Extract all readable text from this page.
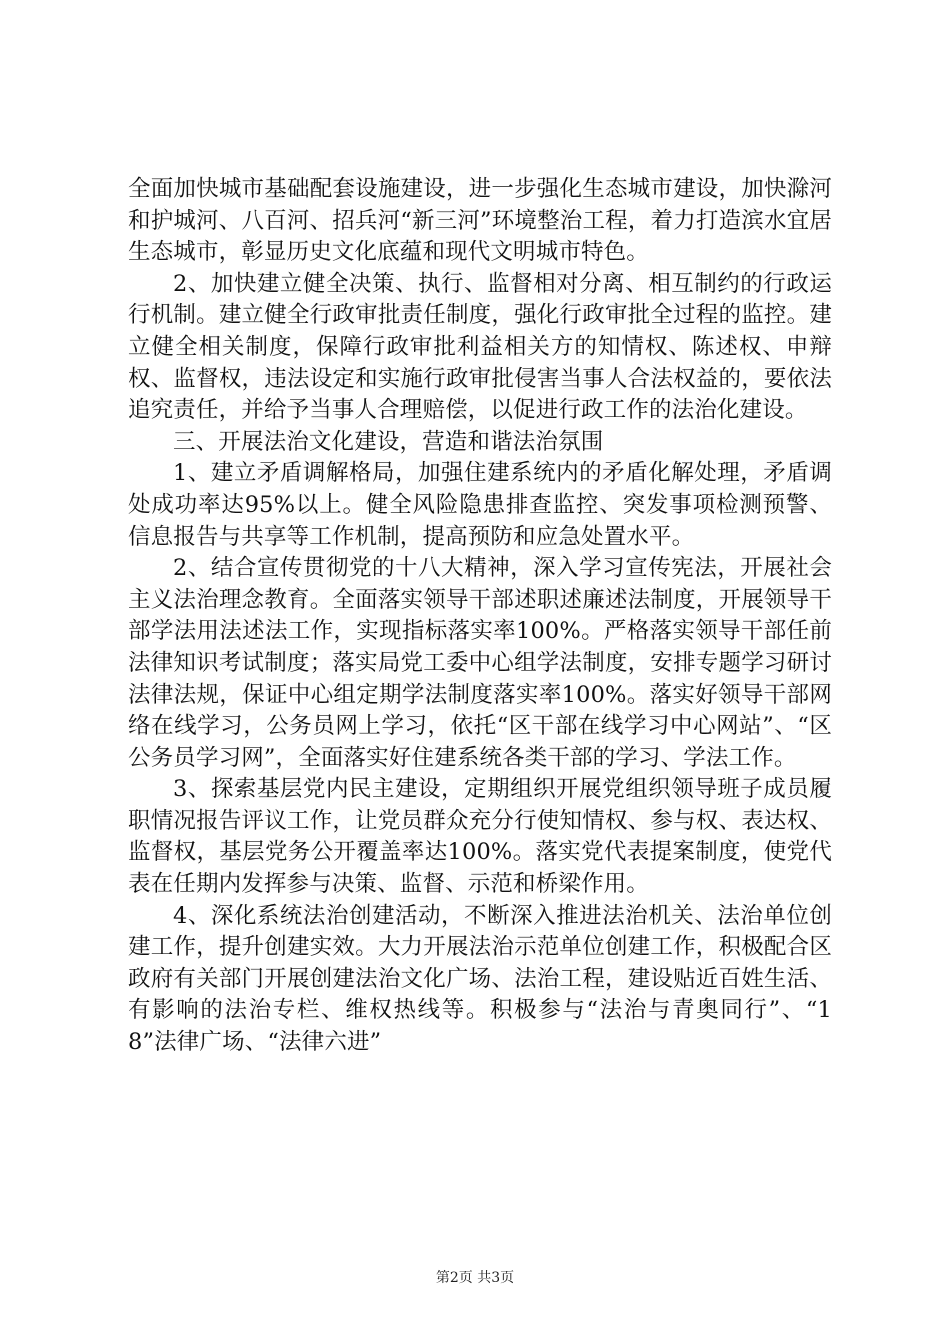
全面加快城市基础配套设施建设，进一步强化生态城市建设，加快滁河和护城河、八百河、招兵河“新三河”环境整治工程，着力打造滨水宜居生态城市，彰显历史文化底蕴和现代文明城市特色。

2、加快建立健全决策、执行、监督相对分离、相互制约的行政运行机制。建立健全行政审批责任制度，强化行政审批全过程的监控。建立健全相关制度，保障行政审批利益相关方的知情权、陈述权、申辩权、监督权，违法设定和实施行政审批侵害当事人合法权益的，要依法追究责任，并给予当事人合理赔偿，以促进行政工作的法治化建设。

三、开展法治文化建设，营造和谐法治氛围

1、建立矛盾调解格局，加强住建系统内的矛盾化解处理，矛盾调处成功率达95%以上。健全风险隐患排查监控、突发事项检测预警、信息报告与共享等工作机制，提高预防和应急处置水平。

2、结合宣传贯彻党的十八大精神，深入学习宣传宪法，开展社会主义法治理念教育。全面落实领导干部述职述廉述法制度，开展领导干部学法用法述法工作，实现指标落实率100%。严格落实领导干部任前法律知识考试制度；落实局党工委中心组学法制度，安排专题学习研讨法律法规，保证中心组定期学法制度落实率100%。落实好领导干部网络在线学习，公务员网上学习，依托“区干部在线学习中心网站”、“区公务员学习网”，全面落实好住建系统各类干部的学习、学法工作。

3、探索基层党内民主建设，定期组织开展党组织领导班子成员履职情况报告评议工作，让党员群众充分行使知情权、参与权、表达权、监督权，基层党务公开覆盖率达100%。落实党代表提案制度，使党代表在任期内发挥参与决策、监督、示范和桥梁作用。

4、深化系统法治创建活动，不断深入推进法治机关、法治单位创建工作，提升创建实效。大力开展法治示范单位创建工作，积极配合区政府有关部门开展创建法治文化广场、法治工程，建设贴近百姓生活、有影响的法治专栏、维权热线等。积极参与“法治与青奥同行”、“18”法律广场、“法律六进”

第2页 共3页
